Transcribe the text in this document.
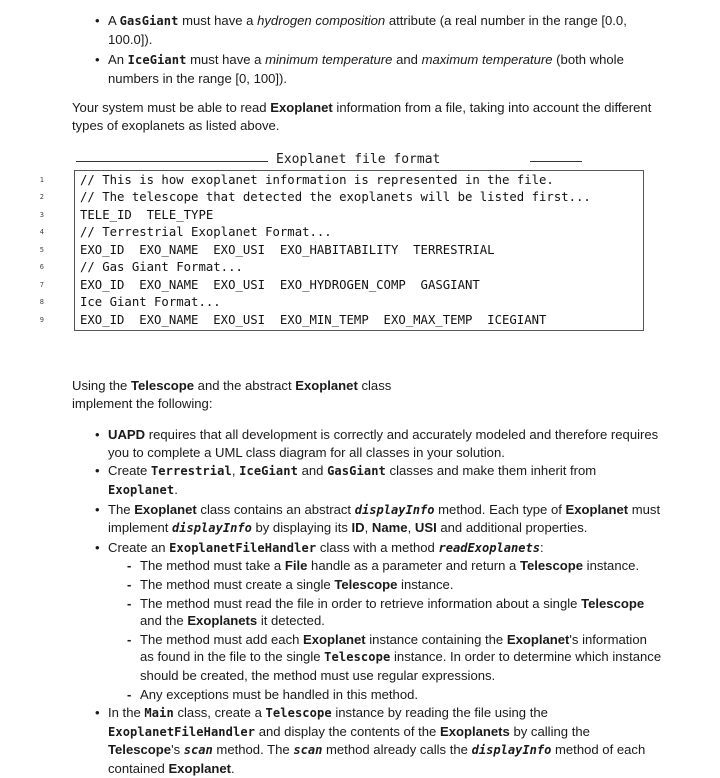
• A GasGiant must have a hydrogen composition attribute (a real number in the range [0.0, 100.0]).
• An IceGiant must have a minimum temperature and maximum temperature (both whole numbers in the range [0, 100]).

Your system must be able to read Exoplanet information from a file, taking into account the different types of exoplanets as listed above.

Exoplanet file format
1	// This is how exoplanet information is represented in the file.
2	// The telescope that detected the exoplanets will be listed first...
3	TELE_ID  TELE_TYPE
4	// Terrestrial Exoplanet Format...
5	EXO_ID  EXO_NAME  EXO_USI  EXO_HABITABILITY  TERRESTRIAL
6	// Gas Giant Format...
7	EXO_ID  EXO_NAME  EXO_USI  EXO_HYDROGEN_COMP  GASGIANT
8	Ice Giant Format...
9	EXO_ID  EXO_NAME  EXO_USI  EXO_MIN_TEMP  EXO_MAX_TEMP  ICEGIANT

Using the Telescope and the abstract Exoplanet class implement the following:

• UAPD requires that all development is correctly and accurately modeled and therefore requires you to complete a UML class diagram for all classes in your solution.
• Create Terrestrial, IceGiant and GasGiant classes and make them inherit from Exoplanet.
• The Exoplanet class contains an abstract displayInfo method. Each type of Exoplanet must implement displayInfo by displaying its ID, Name, USI and additional properties.
• Create an ExoplanetFileHandler class with a method readExoplanets:
- The method must take a File handle as a parameter and return a Telescope instance.
- The method must create a single Telescope instance.
- The method must read the file in order to retrieve information about a single Telescope and the Exoplanets it detected.
- The method must add each Exoplanet instance containing the Exoplanet's information as found in the file to the single Telescope instance. In order to determine which instance should be created, the method must use regular expressions.
- Any exceptions must be handled in this method.
• In the Main class, create a Telescope instance by reading the file using the ExoplanetFileHandler and display the contents of the Exoplanets by calling the Telescope's scan method. The scan method already calls the displayInfo method of each contained Exoplanet.
